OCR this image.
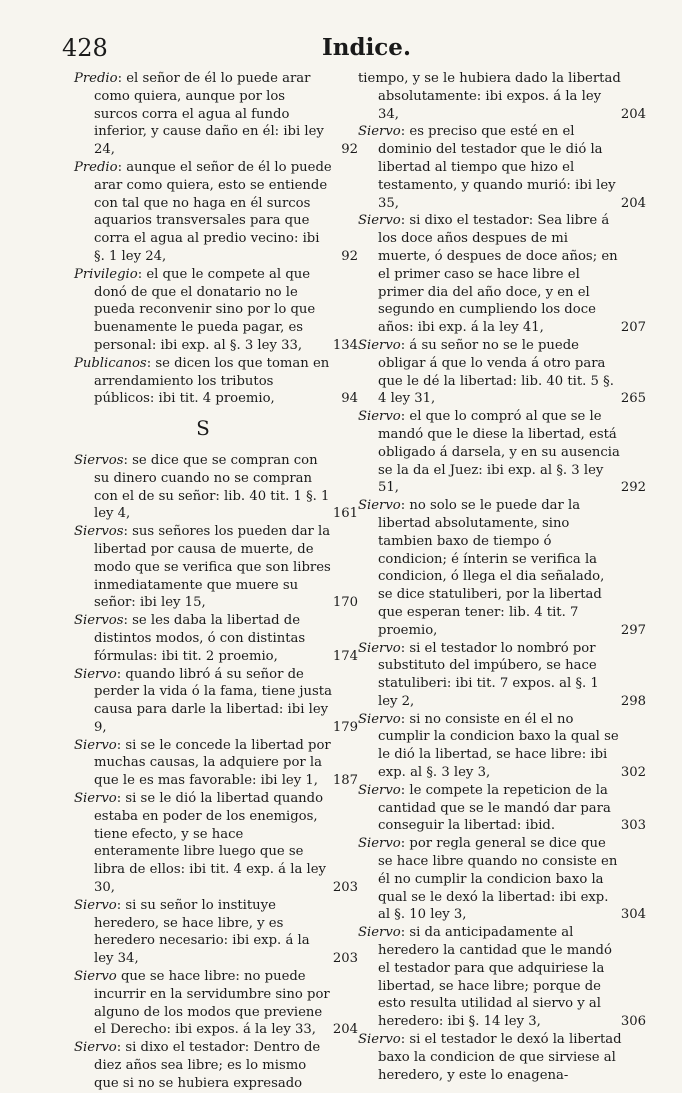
428	Indice.
Predio: el señor de él lo puede arar como quiera, aunque por los surcos corra el agua al fundo inferior, y cause daño en él: ibi ley 24,	92
Predio: aunque el señor de él lo puede arar como quiera, esto se entiende con tal que no haga en él surcos aquarios transversales para que corra el agua al predio vecino: ibi §. 1 ley 24,	92
Privilegio: el que le compete al que donó de que el donatario no le pueda reconvenir sino por lo que buenamente le pueda pagar, es personal: ibi exp. al §. 3 ley 33, 134
Publicanos: se dicen los que toman en arrendamiento los tributos públicos: ibi tit. 4 proemio,	94
S
Siervos: se dice que se compran con su dinero cuando no se compran con el de su señor: lib. 40 tit. 1 §. 1 ley 4,	161
Siervos: sus señores los pueden dar la libertad por causa de muerte, de modo que se verifica que son libres inmediatamente que muere su señor: ibi ley 15,	170
Siervos: se les daba la libertad de distintos modos, ó con distintas fórmulas: ibi tit. 2 proemio,	174
Siervo: quando libró á su señor de perder la vida ó la fama, tiene justa causa para darle la libertad: ibi ley 9,	179
Siervo: si se le concede la libertad por muchas causas, la adquiere por la que le es mas favorable: ibi ley 1, 187
Siervo: si se le dió la libertad quando estaba en poder de los enemigos, tiene efecto, y se hace enteramente libre luego que se libra de ellos: ibi tit. 4 exp. á la ley 30,	203
Siervo: si su señor lo instituye heredero, se hace libre, y es heredero necesario: ibi exp. á la ley 34,	203
Siervo que se hace libre: no puede incurrir en la servidumbre sino por alguno de los modos que previene el Derecho: ibi expos. á la ley 33, 204
Siervo: si dixo el testador: Dentro de diez años sea libre; es lo mismo que si no se hubiera expresado
tiempo, y se le hubiera dado la libertad absolutamente: ibi expos. á la ley 34,	204
Siervo: es preciso que esté en el dominio del testador que le dió la libertad al tiempo que hizo el testamento, y quando murió: ibi ley 35,	204
Siervo: si dixo el testador: Sea libre á los doce años despues de mi muerte, ó despues de doce años; en el primer caso se hace libre el primer dia del año doce, y en el segundo en cumpliendo los doce años: ibi exp. á la ley 41,	207
Siervo: á su señor no se le puede obligar á que lo venda á otro para que le dé la libertad: lib. 40 tit. 5 §. 4 ley 31,	265
Siervo: el que lo compró al que se le mandó que le diese la libertad, está obligado á darsela, y en su ausencia se la da el Juez: ibi exp. al §. 3 ley 51,	292
Siervo: no solo se le puede dar la libertad absolutamente, sino tambien baxo de tiempo ó condicion; é ínterin se verifica la condicion, ó llega el dia señalado, se dice statuliberi, por la libertad que esperan tener: lib. 4 tit. 7 proemio,	297
Siervo: si el testador lo nombró por substituto del impúbero, se hace statuliberi: ibi tit. 7 expos. al §. 1 ley 2,	298
Siervo: si no consiste en él el no cumplir la condicion baxo la qual se le dió la libertad, se hace libre: ibi exp. al §. 3 ley 3,	302
Siervo: le compete la repeticion de la cantidad que se le mandó dar para conseguir la libertad: ibid.	303
Siervo: por regla general se dice que se hace libre quando no consiste en él no cumplir la condicion baxo la qual se le dexó la libertad: ibi exp. al §. 10 ley 3,	304
Siervo: si da anticipadamente al heredero la cantidad que le mandó el testador para que adquiriese la libertad, se hace libre; porque de esto resulta utilidad al siervo y al heredero: ibi §. 14 ley 3,	306
Siervo: si el testador le dexó la libertad baxo la condicion de que sirviese al heredero, y este lo enagena-
